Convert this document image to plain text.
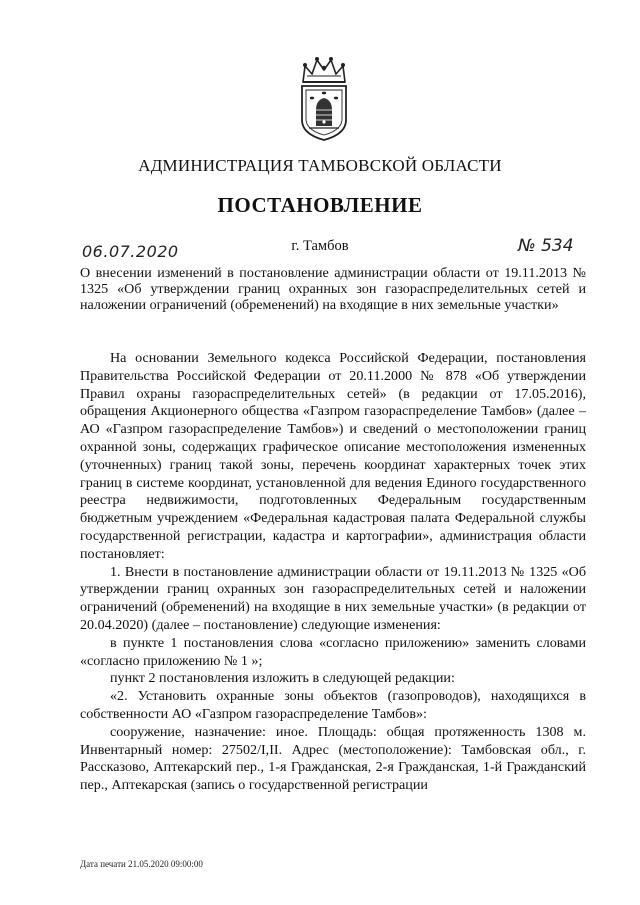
АДМИНИСТРАЦИЯ ТАМБОВСКОЙ ОБЛАСТИ
ПОСТАНОВЛЕНИЕ
06.07.2020	г. Тамбов	№ 534
О внесении изменений в постановление администрации области от 19.11.2013 № 1325 «Об утверждении границ охранных зон газораспределительных сетей и наложении ограничений (обременений) на входящие в них земельные участки»

На основании Земельного кодекса Российской Федерации, постановления Правительства Российской Федерации от 20.11.2000 № 878 «Об утверждении Правил охраны газораспределительных сетей» (в редакции от 17.05.2016), обращения Акционерного общества «Газпром газораспределение Тамбов» (далее – АО «Газпром газораспределение Тамбов») и сведений о местоположении границ охранной зоны, содержащих графическое описание местоположения измененных (уточненных) границ такой зоны, перечень координат характерных точек этих границ в системе координат, установленной для ведения Единого государственного реестра недвижимости, подготовленных Федеральным государственным бюджетным учреждением «Федеральная кадастровая палата Федеральной службы государственной регистрации, кадастра и картографии», администрация области постановляет:

1. Внести в постановление администрации области от 19.11.2013 № 1325 «Об утверждении границ охранных зон газораспределительных сетей и наложении ограничений (обременений) на входящие в них земельные участки» (в редакции от 20.04.2020) (далее – постановление) следующие изменения:

в пункте 1 постановления слова «согласно приложению» заменить словами «согласно приложению № 1 »;

пункт 2 постановления изложить в следующей редакции:

«2. Установить охранные зоны объектов (газопроводов), находящихся в собственности АО «Газпром газораспределение Тамбов»:

сооружение, назначение: иное. Площадь: общая протяженность 1308 м. Инвентарный номер: 27502/I,II. Адрес (местоположение): Тамбовская обл., г. Рассказово, Аптекарский пер., 1-я Гражданская, 2-я Гражданская, 1-й Гражданский пер., Аптекарская (запись о государственной регистрации

Дата печати 21.05.2020 09:00:00
